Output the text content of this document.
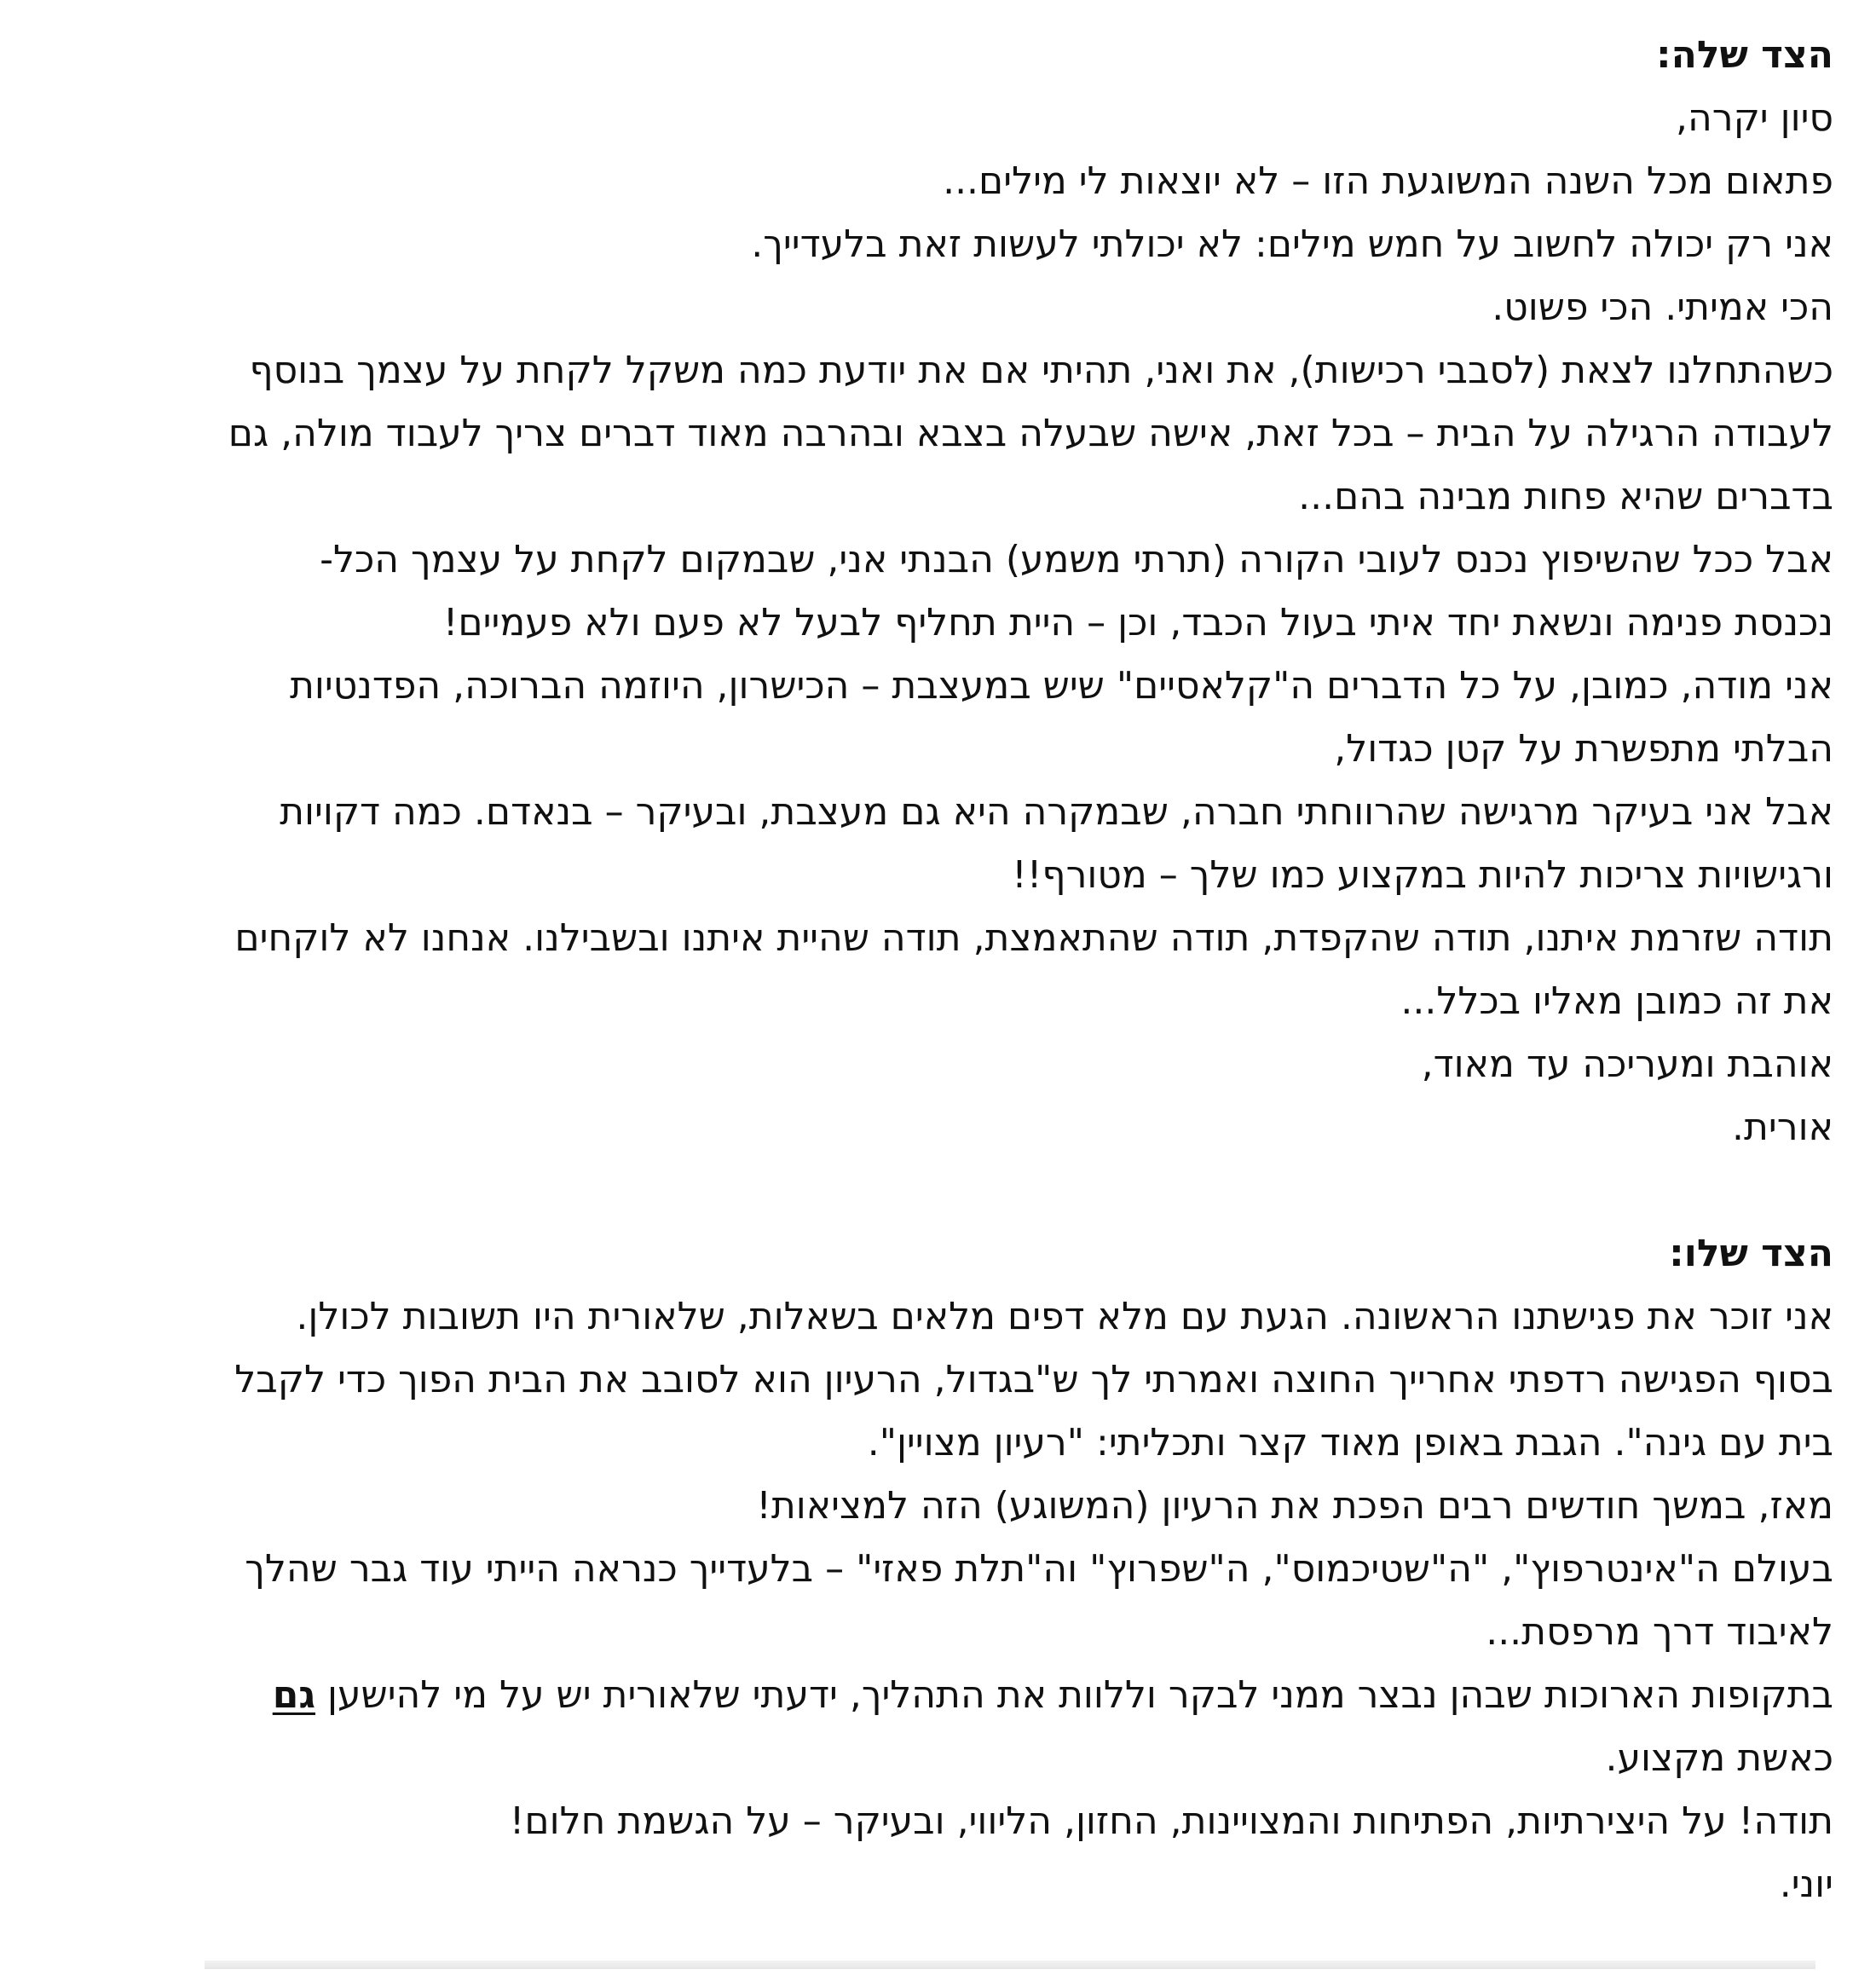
הצד שלה:
סיון יקרה,
פתאום מכל השנה המשוגעת הזו – לא יוצאות לי מילים...
אני רק יכולה לחשוב על חמש מילים: לא יכולתי לעשות זאת בלעדייך.
הכי אמיתי. הכי פשוט.
כשהתחלנו לצאת (לסבבי רכישות), את ואני, תהיתי אם את יודעת כמה משקל לקחת על עצמך בנוסף
לעבודה הרגילה על הבית – בכל זאת, אישה שבעלה בצבא ובהרבה מאוד דברים צריך לעבוד מולה, גם
בדברים שהיא פחות מבינה בהם...
אבל ככל שהשיפוץ נכנס לעובי הקורה (תרתי משמע) הבנתי אני, שבמקום לקחת על עצמך הכל-
נכנסת פנימה ונשאת יחד איתי בעול הכבד, וכן – היית תחליף לבעל לא פעם ולא פעמיים!
אני מודה, כמובן, על כל הדברים ה"קלאסיים" שיש במעצבת – הכישרון, היוזמה הברוכה, הפדנטיות
הבלתי מתפשרת על קטן כגדול,
אבל אני בעיקר מרגישה שהרווחתי חברה, שבמקרה היא גם מעצבת, ובעיקר – בנאדם. כמה דקויות
ורגישויות צריכות להיות במקצוע כמו שלך – מטורף!!
תודה שזרמת איתנו, תודה שהקפדת, תודה שהתאמצת, תודה שהיית איתנו ובשבילנו. אנחנו לא לוקחים
את זה כמובן מאליו בכלל...
אוהבת ומעריכה עד מאוד,
אורית.
הצד שלו:
אני זוכר את פגישתנו הראשונה. הגעת עם מלא דפים מלאים בשאלות, שלאורית היו תשובות לכולן.
בסוף הפגישה רדפתי אחרייך החוצה ואמרתי לך ש"בגדול, הרעיון הוא לסובב את הבית הפוך כדי לקבל
בית עם גינה". הגבת באופן מאוד קצר ותכליתי: "רעיון מצויין".
מאז, במשך חודשים רבים הפכת את הרעיון (המשוגע) הזה למציאות!
בעולם ה"אינטרפוץ", "ה"שטיכמוס", ה"שפרוץ" וה"תלת פאזי" – בלעדייך כנראה הייתי עוד גבר שהלך
לאיבוד דרך מרפסת...
בתקופות הארוכות שבהן נבצר ממני לבקר וללוות את התהליך, ידעתי שלאורית יש על מי להישען גם
כאשת מקצוע.
תודה! על היצירתיות, הפתיחות והמצויינות, החזון, הליווי, ובעיקר – על הגשמת חלום!
יוני.
